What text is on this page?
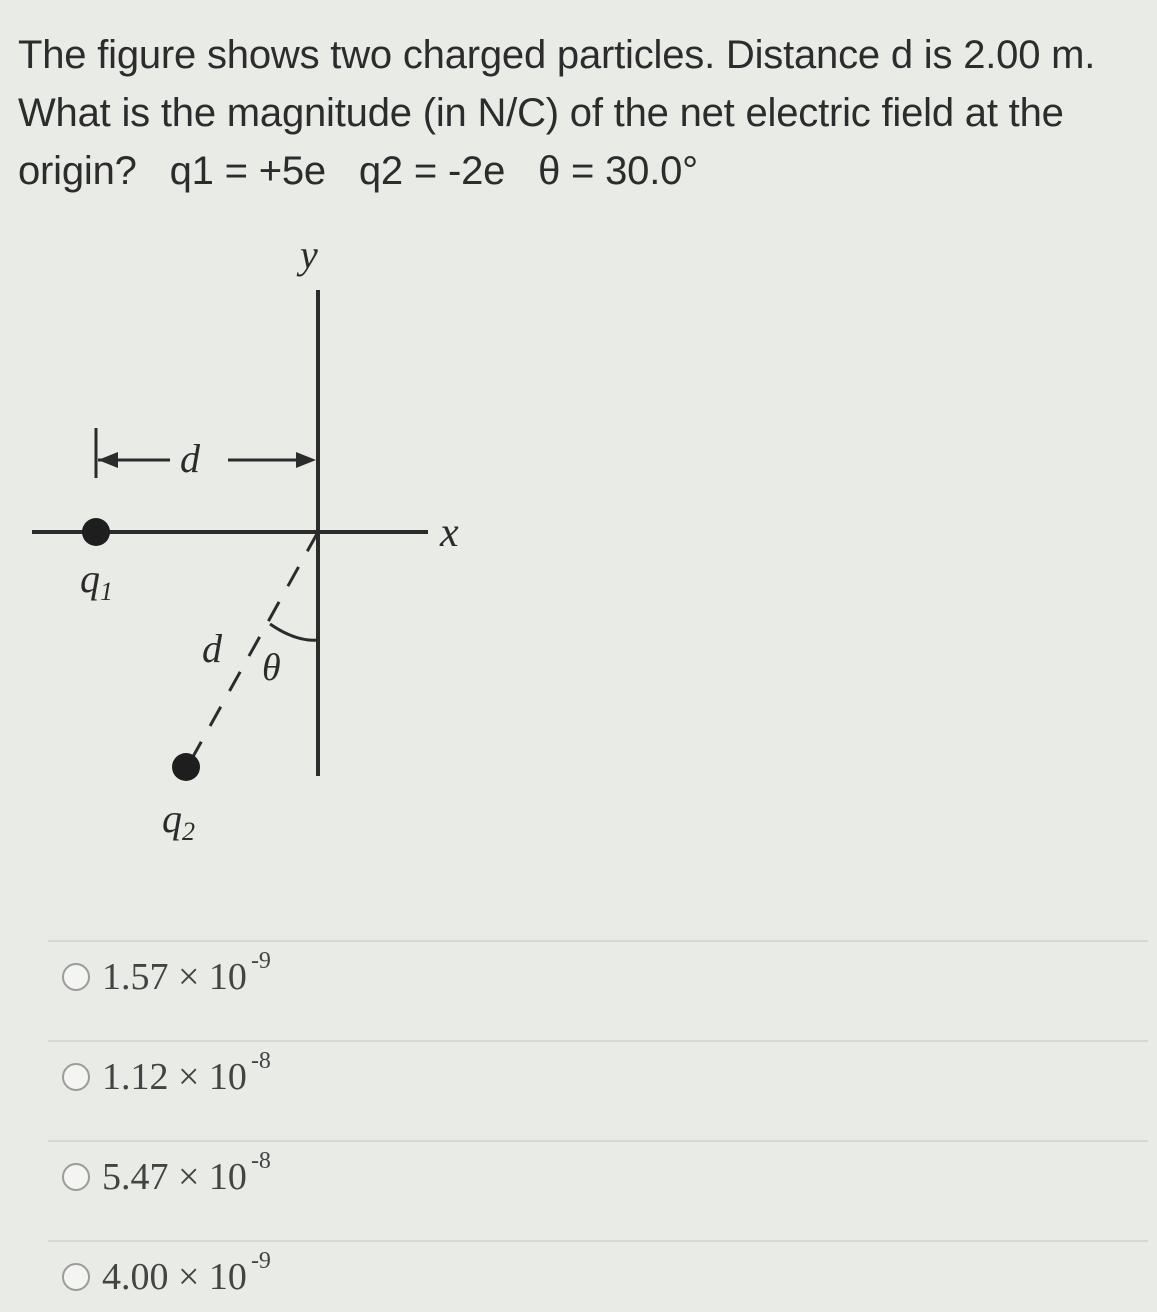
The figure shows two charged particles. Distance d is 2.00 m.
What is the magnitude (in N/C) of the net electric field at the
origin? q1 = +5e q2 = -2e θ = 30.0°
y
x
d
$q_1$
d θ
$q_2$
1.57 × 10 -9
1.12 × 10 -8
5.47 × 10 -8
4.00 × 10 -9
